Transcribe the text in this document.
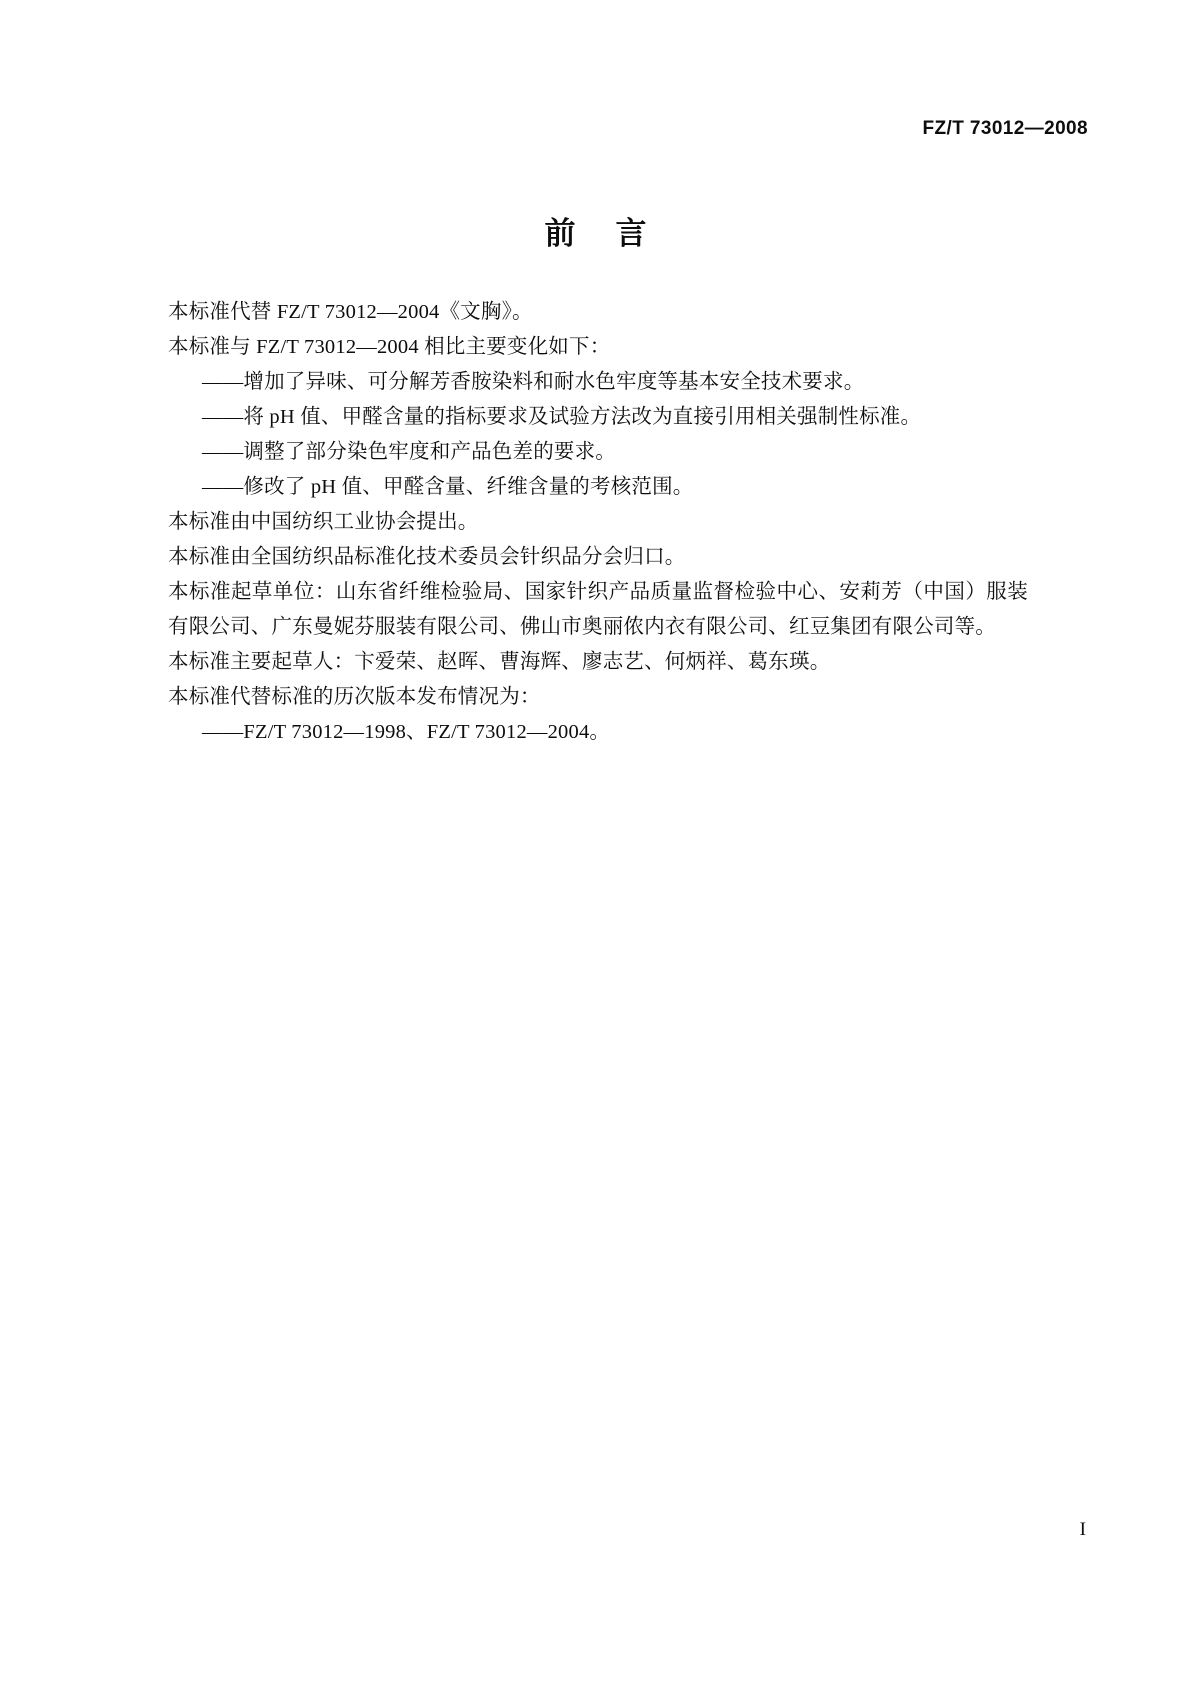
FZ/T 73012—2008
前 言

本标准代替 FZ/T 73012—2004《文胸》。

本标准与 FZ/T 73012—2004 相比主要变化如下：

——增加了异味、可分解芳香胺染料和耐水色牢度等基本安全技术要求。

——将 pH 值、甲醛含量的指标要求及试验方法改为直接引用相关强制性标准。

——调整了部分染色牢度和产品色差的要求。

——修改了 pH 值、甲醛含量、纤维含量的考核范围。

本标准由中国纺织工业协会提出。

本标准由全国纺织品标准化技术委员会针织品分会归口。

本标准起草单位：山东省纤维检验局、国家针织产品质量监督检验中心、安莉芳（中国）服装有限公司、广东曼妮芬服装有限公司、佛山市奥丽侬内衣有限公司、红豆集团有限公司等。

本标准主要起草人：卞爱荣、赵晖、曹海辉、廖志艺、何炳祥、葛东瑛。

本标准代替标准的历次版本发布情况为：

——FZ/T 73012—1998、FZ/T 73012—2004。

I
